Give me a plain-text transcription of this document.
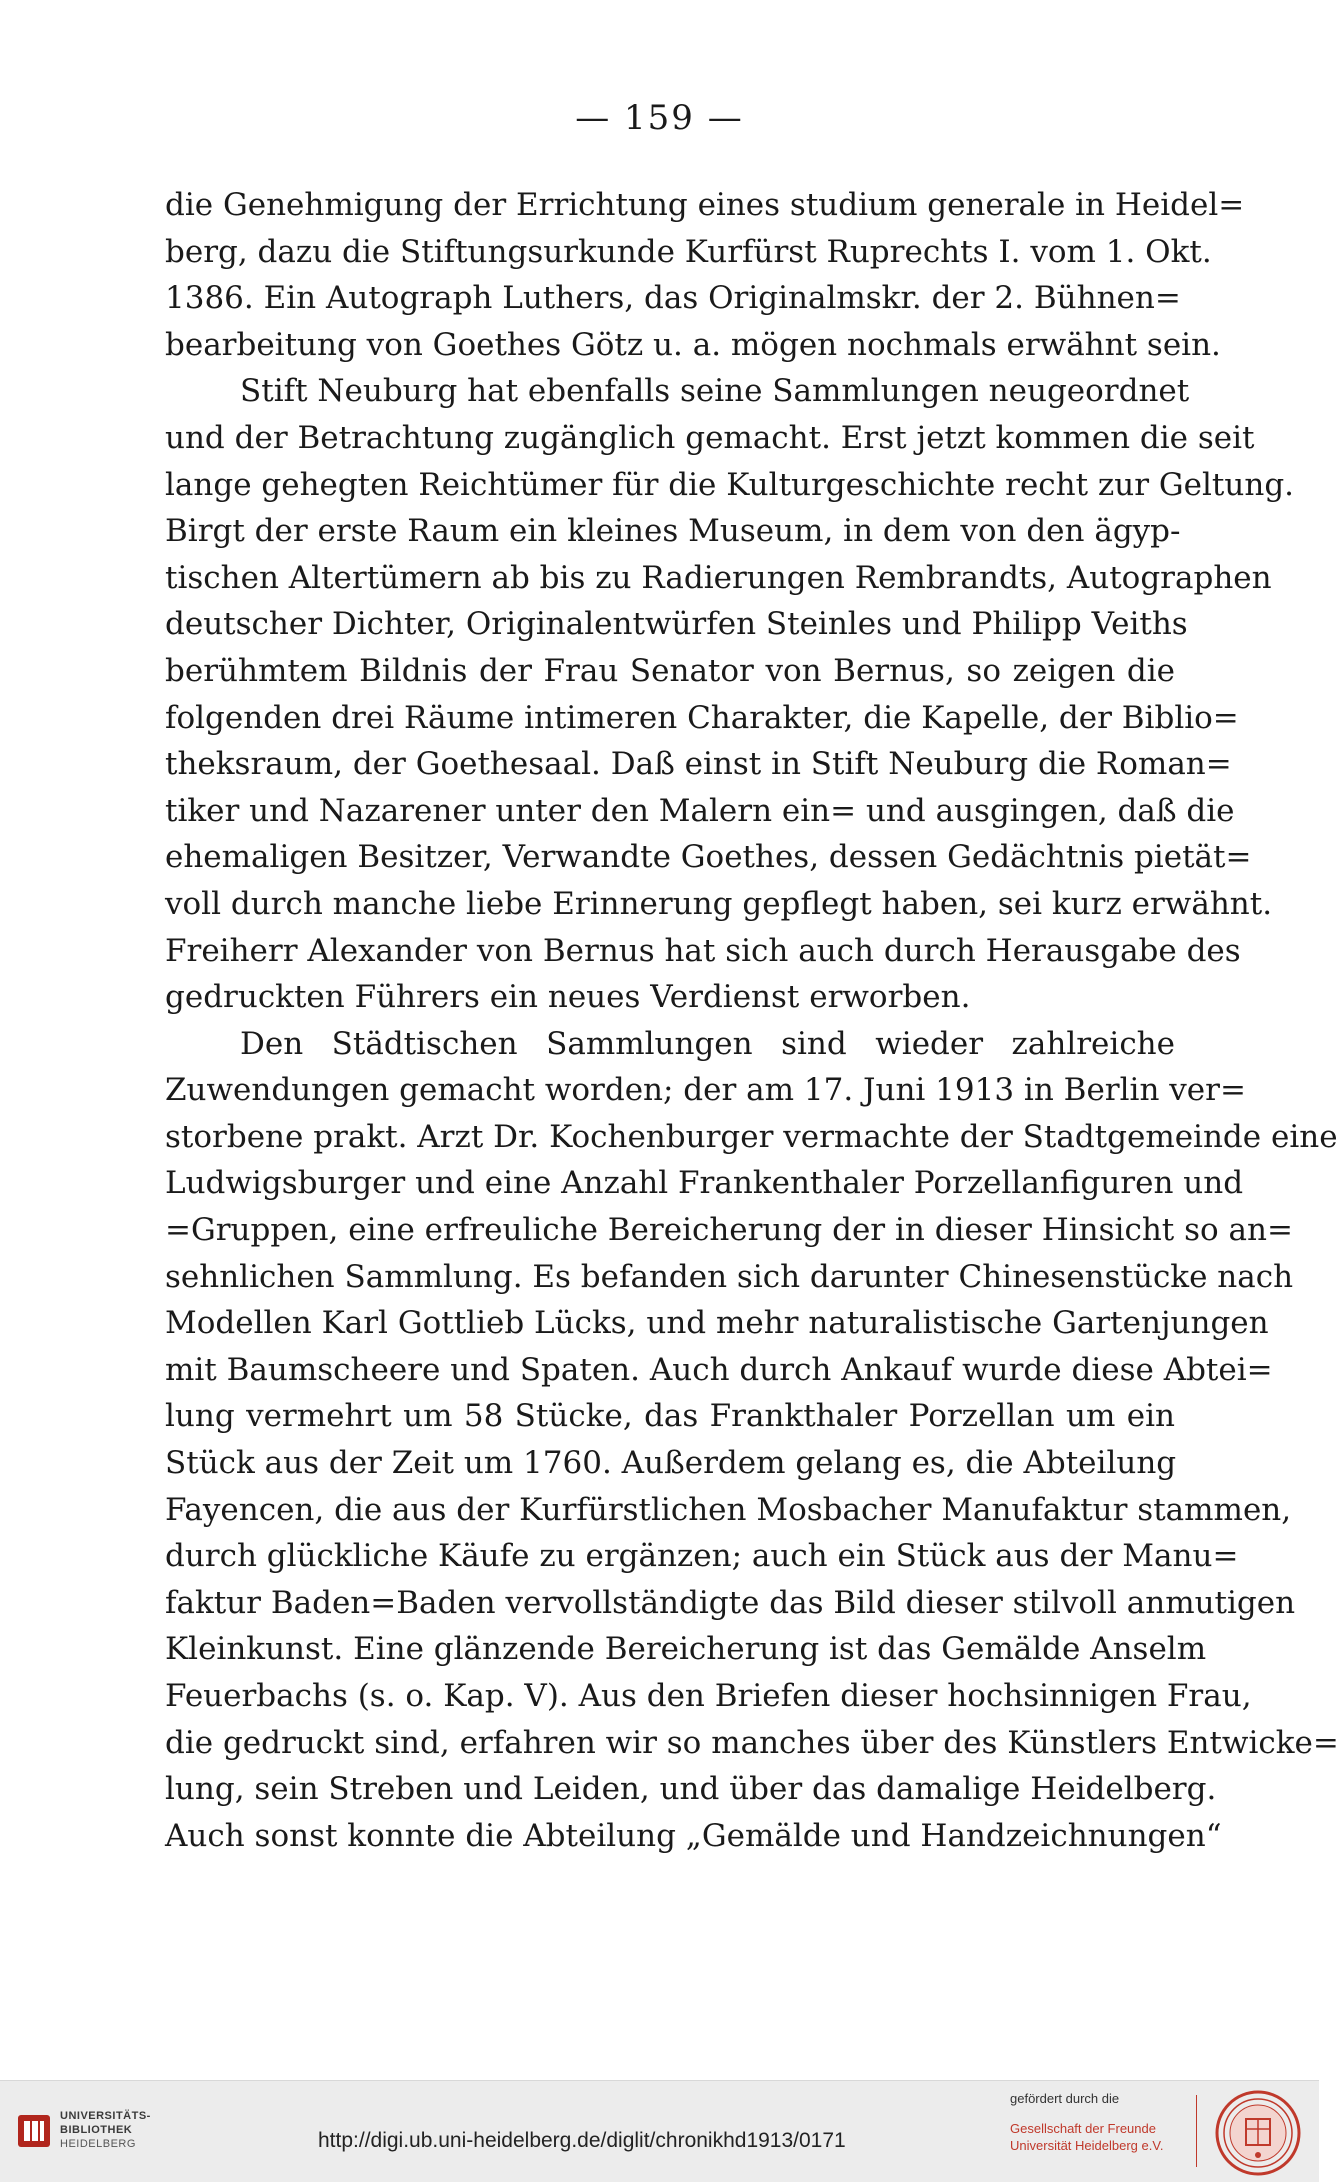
— 159 —
die Genehmigung der Errichtung eines studium generale in Heidel=
berg, dazu die Stiftungsurkunde Kurfürst Ruprechts I. vom 1. Okt.
1386. Ein Autograph Luthers, das Originalmskr. der 2. Bühnen=
bearbeitung von Goethes Götz u. a. mögen nochmals erwähnt sein.
Stift Neuburg hat ebenfalls seine Sammlungen neugeordnet
und der Betrachtung zugänglich gemacht. Erst jetzt kommen die seit
lange gehegten Reichtümer für die Kulturgeschichte recht zur Geltung.
Birgt der erste Raum ein kleines Museum, in dem von den ägyp-
tischen Altertümern ab bis zu Radierungen Rembrandts, Autographen
deutscher Dichter, Originalentwürfen Steinles und Philipp Veiths
berühmtem Bildnis der Frau Senator von Bernus, so zeigen die
folgenden drei Räume intimeren Charakter, die Kapelle, der Biblio=
theksraum, der Goethesaal. Daß einst in Stift Neuburg die Roman=
tiker und Nazarener unter den Malern ein= und ausgingen, daß die
ehemaligen Besitzer, Verwandte Goethes, dessen Gedächtnis pietät=
voll durch manche liebe Erinnerung gepflegt haben, sei kurz erwähnt.
Freiherr Alexander von Bernus hat sich auch durch Herausgabe des
gedruckten Führers ein neues Verdienst erworben.
Den Städtischen Sammlungen sind wieder zahlreiche
Zuwendungen gemacht worden; der am 17. Juni 1913 in Berlin ver=
storbene prakt. Arzt Dr. Kochenburger vermachte der Stadtgemeinde eine
Ludwigsburger und eine Anzahl Frankenthaler Porzellanfiguren und
=Gruppen, eine erfreuliche Bereicherung der in dieser Hinsicht so an=
sehnlichen Sammlung. Es befanden sich darunter Chinesenstücke nach
Modellen Karl Gottlieb Lücks, und mehr naturalistische Gartenjungen
mit Baumscheere und Spaten. Auch durch Ankauf wurde diese Abtei=
lung vermehrt um 58 Stücke, das Frankthaler Porzellan um ein
Stück aus der Zeit um 1760. Außerdem gelang es, die Abteilung
Fayencen, die aus der Kurfürstlichen Mosbacher Manufaktur stammen,
durch glückliche Käufe zu ergänzen; auch ein Stück aus der Manu=
faktur Baden=Baden vervollständigte das Bild dieser stilvoll anmutigen
Kleinkunst. Eine glänzende Bereicherung ist das Gemälde Anselm
Feuerbachs (s. o. Kap. V). Aus den Briefen dieser hochsinnigen Frau,
die gedruckt sind, erfahren wir so manches über des Künstlers Entwicke=
lung, sein Streben und Leiden, und über das damalige Heidelberg.
Auch sonst konnte die Abteilung „Gemälde und Handzeichnungen“
UNIVERSITÄTS-
BIBLIOTHEK
HEIDELBERG	http://digi.ub.uni-heidelberg.de/diglit/chronikhd1913/0171
gefördert durch die
Gesellschaft der Freunde
Universität Heidelberg e.V.
